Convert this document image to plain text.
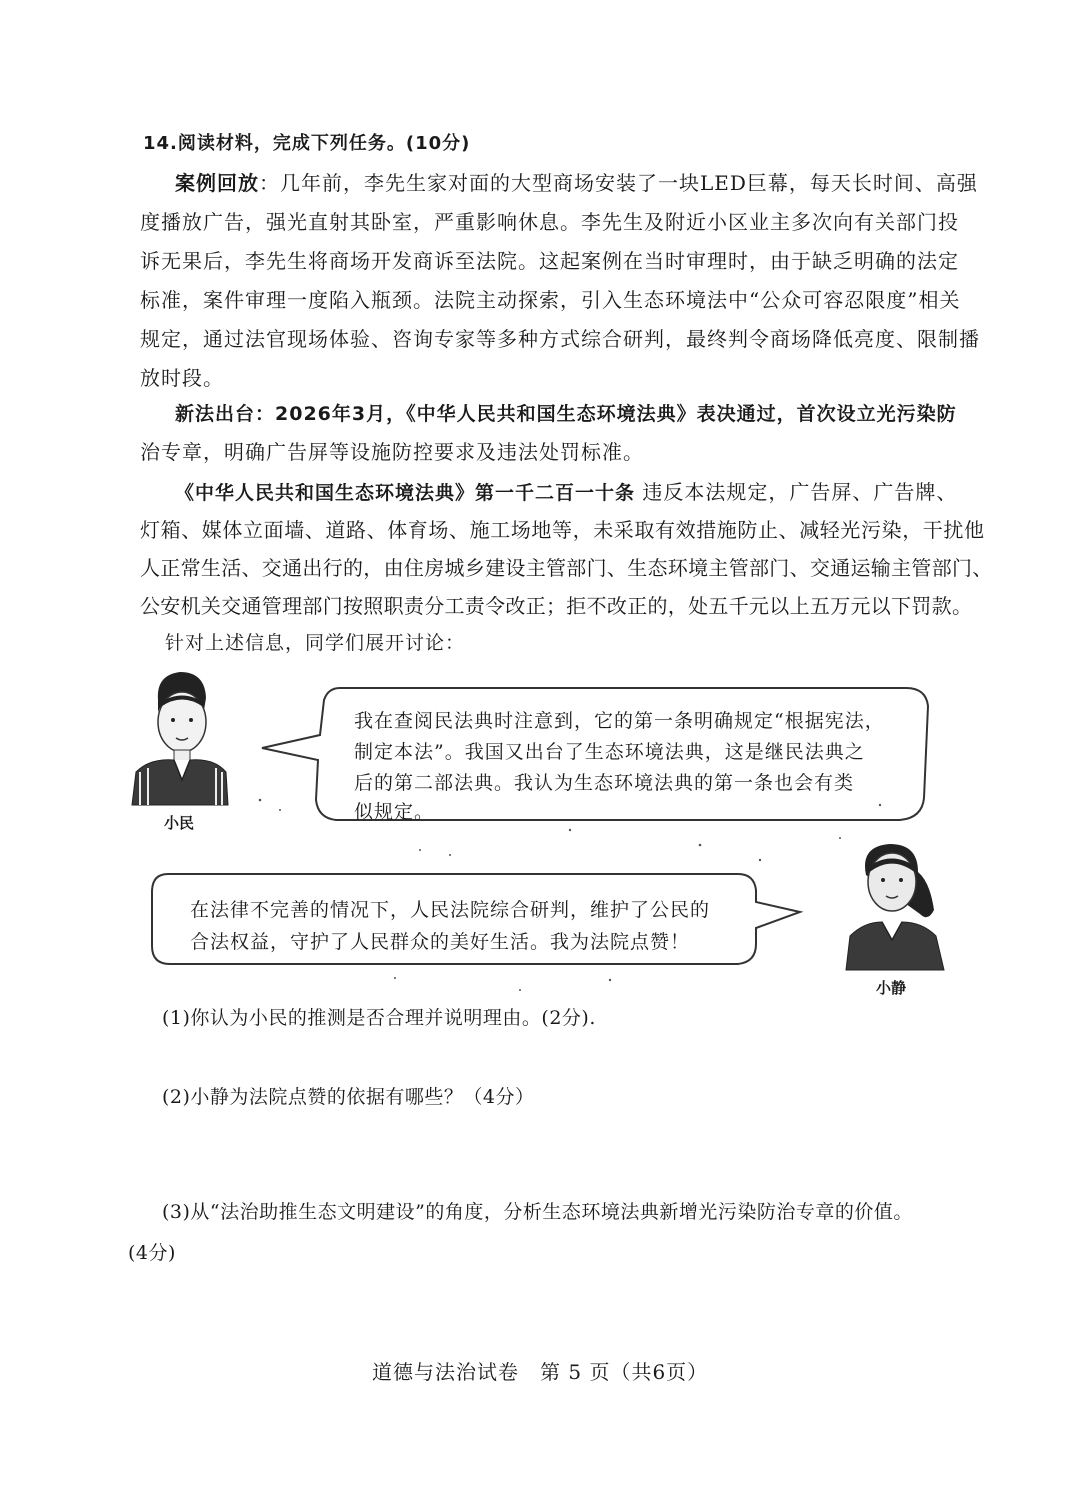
14.阅读材料，完成下列任务。(10分)
案例回放：几年前，李先生家对面的大型商场安装了一块LED巨幕，每天长时间、高强
度播放广告，强光直射其卧室，严重影响休息。李先生及附近小区业主多次向有关部门投
诉无果后，李先生将商场开发商诉至法院。这起案例在当时审理时，由于缺乏明确的法定
标准，案件审理一度陷入瓶颈。法院主动探索，引入生态环境法中“公众可容忍限度”相关
规定，通过法官现场体验、咨询专家等多种方式综合研判，最终判令商场降低亮度、限制播
放时段。
新法出台：2026年3月，《中华人民共和国生态环境法典》表决通过，首次设立光污染防
治专章，明确广告屏等设施防控要求及违法处罚标准。
《中华人民共和国生态环境法典》第一千二百一十条 违反本法规定，广告屏、广告牌、
灯箱、媒体立面墙、道路、体育场、施工场地等，未采取有效措施防止、减轻光污染，干扰他
人正常生活、交通出行的，由住房城乡建设主管部门、生态环境主管部门、交通运输主管部门、
公安机关交通管理部门按照职责分工责令改正；拒不改正的，处五千元以上五万元以下罚款。
针对上述信息，同学们展开讨论：
我在查阅民法典时注意到，它的第一条明确规定“根据宪法，
制定本法”。我国又出台了生态环境法典，这是继民法典之
后的第二部法典。我认为生态环境法典的第一条也会有类
似规定。
小民
在法律不完善的情况下，人民法院综合研判，维护了公民的
合法权益，守护了人民群众的美好生活。我为法院点赞！
小静
(1)你认为小民的推测是否合理并说明理由。(2分).
(2)小静为法院点赞的依据有哪些？（4分）
(3)从“法治助推生态文明建设”的角度，分析生态环境法典新增光污染防治专章的价值。
(4分)
道德与法治试卷　第 5 页（共6页）
